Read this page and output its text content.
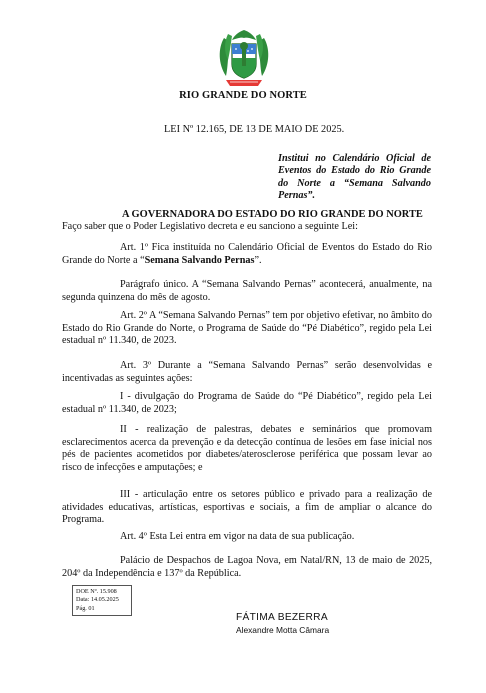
RIO GRANDE DO NORTE
LEI Nº 12.165, DE 13 DE MAIO DE 2025.
Institui no Calendário Oficial de Eventos do Estado do Rio Grande do Norte a “Semana Salvando Pernas”.
A GOVERNADORA DO ESTADO DO RIO GRANDE DO NORTE
Faço saber que o Poder Legislativo decreta e eu sanciono a seguinte Lei:
Art. 1º Fica instituída no Calendário Oficial de Eventos do Estado do Rio Grande do Norte a “Semana Salvando Pernas”.
Parágrafo único. A “Semana Salvando Pernas” acontecerá, anualmente, na segunda quinzena do mês de agosto.
Art. 2º A “Semana Salvando Pernas” tem por objetivo efetivar, no âmbito do Estado do Rio Grande do Norte, o Programa de Saúde do “Pé Diabético”, regido pela Lei estadual nº 11.340, de 2023.
Art. 3º Durante a “Semana Salvando Pernas” serão desenvolvidas e incentivadas as seguintes ações:
I - divulgação do Programa de Saúde do “Pé Diabético”, regido pela Lei estadual nº 11.340, de 2023;
II - realização de palestras, debates e seminários que promovam esclarecimentos acerca da prevenção e da detecção contínua de lesões em fase inicial nos pés de pacientes acometidos por diabetes/aterosclerose periférica que possam levar ao risco de infecções e amputações; e
III - articulação entre os setores público e privado para a realização de atividades educativas, artísticas, esportivas e sociais, a fim de ampliar o alcance do Programa.
Art. 4º Esta Lei entra em vigor na data de sua publicação.
Palácio de Despachos de Lagoa Nova, em Natal/RN, 13 de maio de 2025, 204º da Independência e 137º da República.
DOE Nº. 15.908
Data: 14.05.2025
Pág. 01
FÁTIMA BEZERRA
Alexandre Motta Câmara
